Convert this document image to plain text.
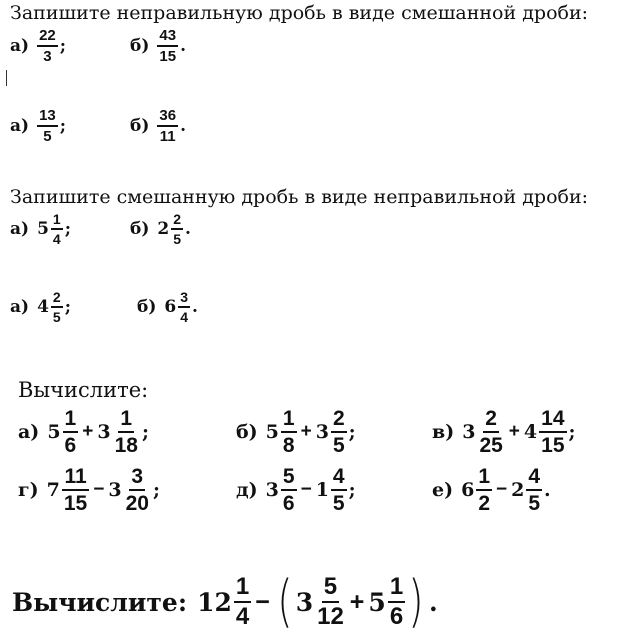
Запишите неправильную дробь в виде смешанной дроби:
$а) \frac{22}{3}$ ;	$б) \frac{43}{15}$ .
$а) \frac{13}{5}$ ;	$б) \frac{36}{11}$ .
Запишите смешанную дробь в виде неправильной дроби:
а) $5 \frac{1}{4}$ ;	б) $2 \frac{2}{5}$ .
а) $4 \frac{2}{5}$ ;	б) $6 \frac{3}{4}$ .
Вычислите:
а) $5 \frac{1}{6} + 3 \frac{1}{18}$ ;	б) $5 \frac{1}{8} + 3 \frac{2}{5}$ ;	в) $3 \frac{2}{25} + 4 \frac{14}{15}$ ;
г) $7 \frac{11}{15} - 3 \frac{3}{20}$ ;	д) $3 \frac{5}{6} - 1 \frac{4}{5}$ ;	е) $6 \frac{1}{2} - 2 \frac{4}{5}$ .
Вычислите: $12 \frac{1}{4}$ − ( $3 \frac{5}{12} + 5 \frac{1}{6}$ ) .
